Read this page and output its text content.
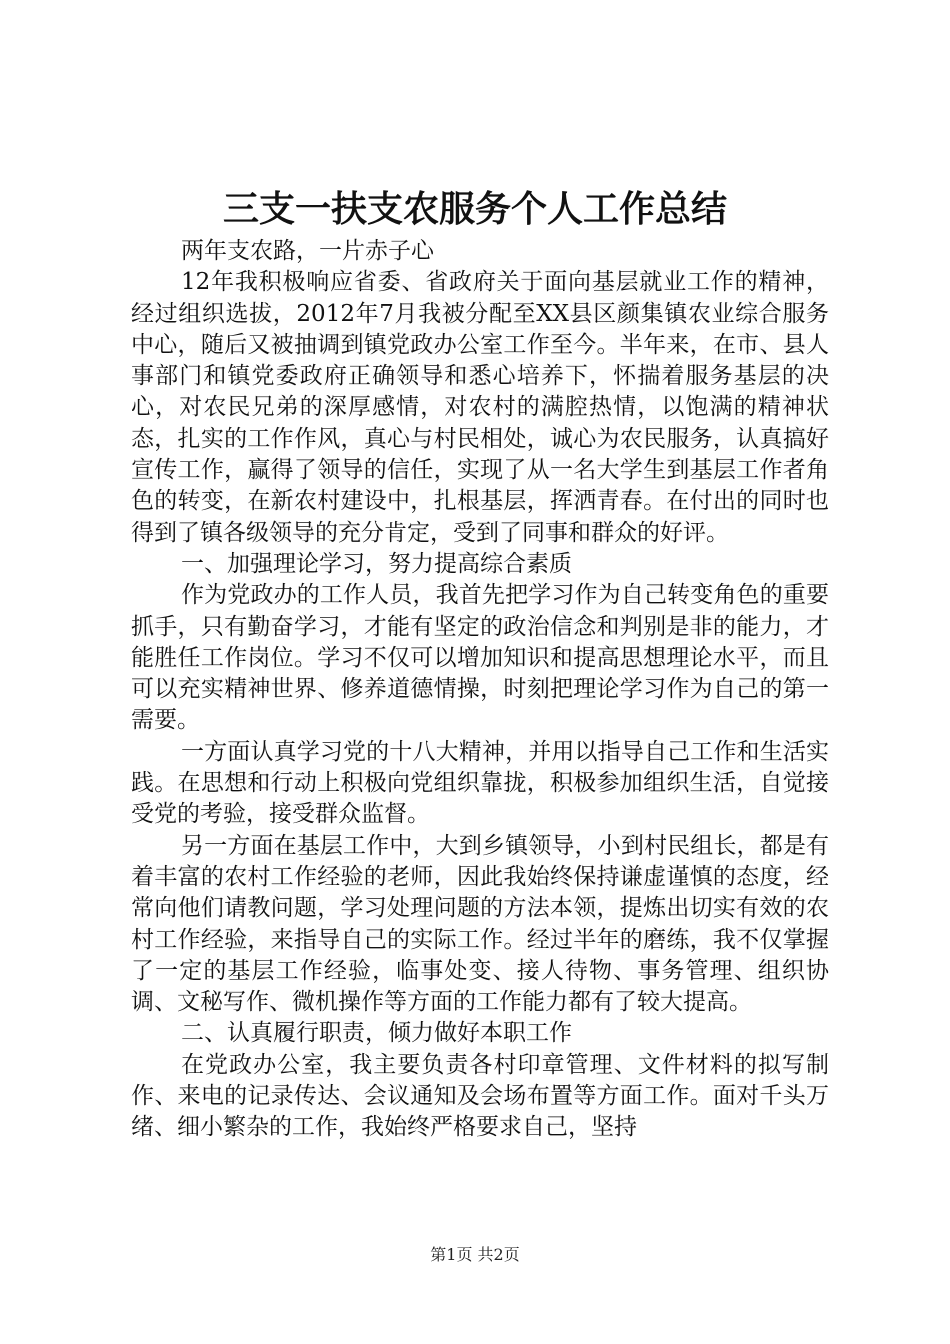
三支一扶支农服务个人工作总结

两年支农路，一片赤子心

12年我积极响应省委、省政府关于面向基层就业工作的精神，经过组织选拔，2012年7月我被分配至XX县区颜集镇农业综合服务中心，随后又被抽调到镇党政办公室工作至今。半年来，在市、县人事部门和镇党委政府正确领导和悉心培养下，怀揣着服务基层的决心，对农民兄弟的深厚感情，对农村的满腔热情，以饱满的精神状态，扎实的工作作风，真心与村民相处，诚心为农民服务，认真搞好宣传工作，赢得了领导的信任，实现了从一名大学生到基层工作者角色的转变，在新农村建设中，扎根基层，挥洒青春。在付出的同时也得到了镇各级领导的充分肯定，受到了同事和群众的好评。

一、加强理论学习，努力提高综合素质

作为党政办的工作人员，我首先把学习作为自己转变角色的重要抓手，只有勤奋学习，才能有坚定的政治信念和判别是非的能力，才能胜任工作岗位。学习不仅可以增加知识和提高思想理论水平，而且可以充实精神世界、修养道德情操，时刻把理论学习作为自己的第一需要。

一方面认真学习党的十八大精神，并用以指导自己工作和生活实践。在思想和行动上积极向党组织靠拢，积极参加组织生活，自觉接受党的考验，接受群众监督。

另一方面在基层工作中，大到乡镇领导，小到村民组长，都是有着丰富的农村工作经验的老师，因此我始终保持谦虚谨慎的态度，经常向他们请教问题，学习处理问题的方法本领，提炼出切实有效的农村工作经验，来指导自己的实际工作。经过半年的磨练，我不仅掌握了一定的基层工作经验，临事处变、接人待物、事务管理、组织协调、文秘写作、微机操作等方面的工作能力都有了较大提高。

二、认真履行职责，倾力做好本职工作

在党政办公室，我主要负责各村印章管理、文件材料的拟写制作、来电的记录传达、会议通知及会场布置等方面工作。面对千头万绪、细小繁杂的工作，我始终严格要求自己，坚持

第1页 共2页
